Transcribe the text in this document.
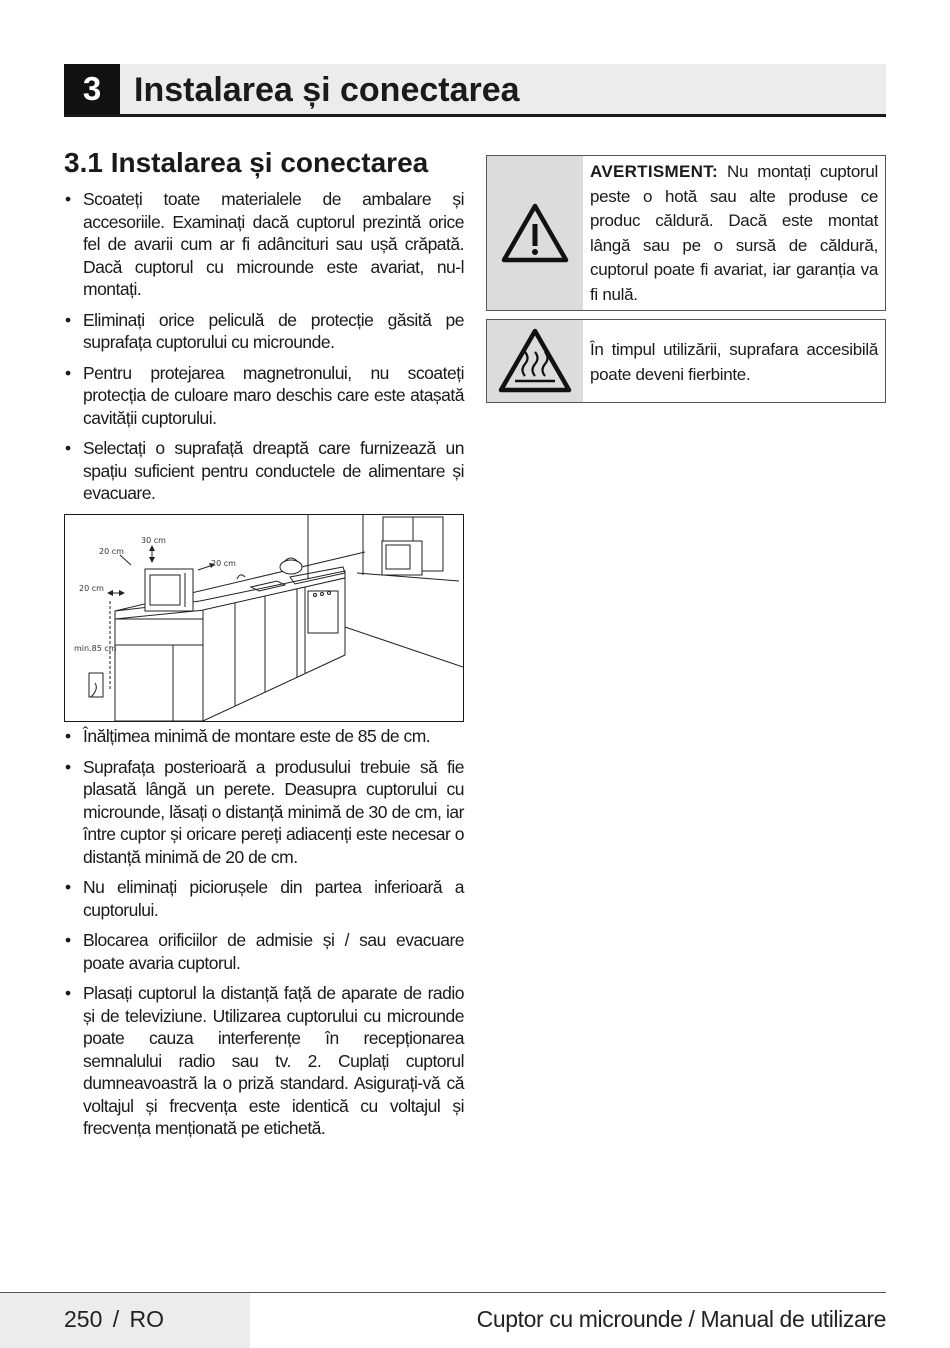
3 Instalarea și conectarea
3.1 Instalarea și conectarea
• Scoateți toate materialele de ambalare și accesoriile. Examinați dacă cuptorul prezintă orice fel de avarii cum ar fi adâncituri sau ușă crăpată. Dacă cuptorul cu microunde este avariat, nu-l montați.
• Eliminați orice peliculă de protecție găsită pe suprafața cuptorului cu microunde.
• Pentru protejarea magnetronului, nu scoateți protecția de culoare maro deschis care este atașată cavității cuptorului.
• Selectați o suprafață dreaptă care furnizează un spațiu suficient pentru conductele de alimentare și evacuare.
30 cm
20 cm
20 cm
20 cm
min.85 cm
• Înălțimea minimă de montare este de 85 de cm.
• Suprafața posterioară a produsului trebuie să fie plasată lângă un perete. Deasupra cuptorului cu microunde, lăsați o distanță minimă de 30 de cm, iar între cuptor și oricare pereți adiacenți este necesar o distanță minimă de 20 de cm.
• Nu eliminați piciorușele din partea inferioară a cuptorului.
• Blocarea orificiilor de admisie și / sau evacuare poate avaria cuptorul.
• Plasați cuptorul la distanță față de aparate de radio și de televiziune. Utilizarea cuptorului cu microunde poate cauza interferențe în recepționarea semnalului radio sau tv. 2. Cuplați cuptorul dumneavoastră la o priză standard. Asigurați-vă că voltajul și frecvența este identică cu voltajul și frecvența menționată pe etichetă.
AVERTISMENT: Nu montați cuptorul peste o hotă sau alte produse ce produc căldură. Dacă este montat lângă sau pe o sursă de căldură, cuptorul poate fi avariat, iar garanția va fi nulă.
În timpul utilizării, suprafara accesibilă poate deveni fierbinte.
250 / RO	Cuptor cu microunde / Manual de utilizare
